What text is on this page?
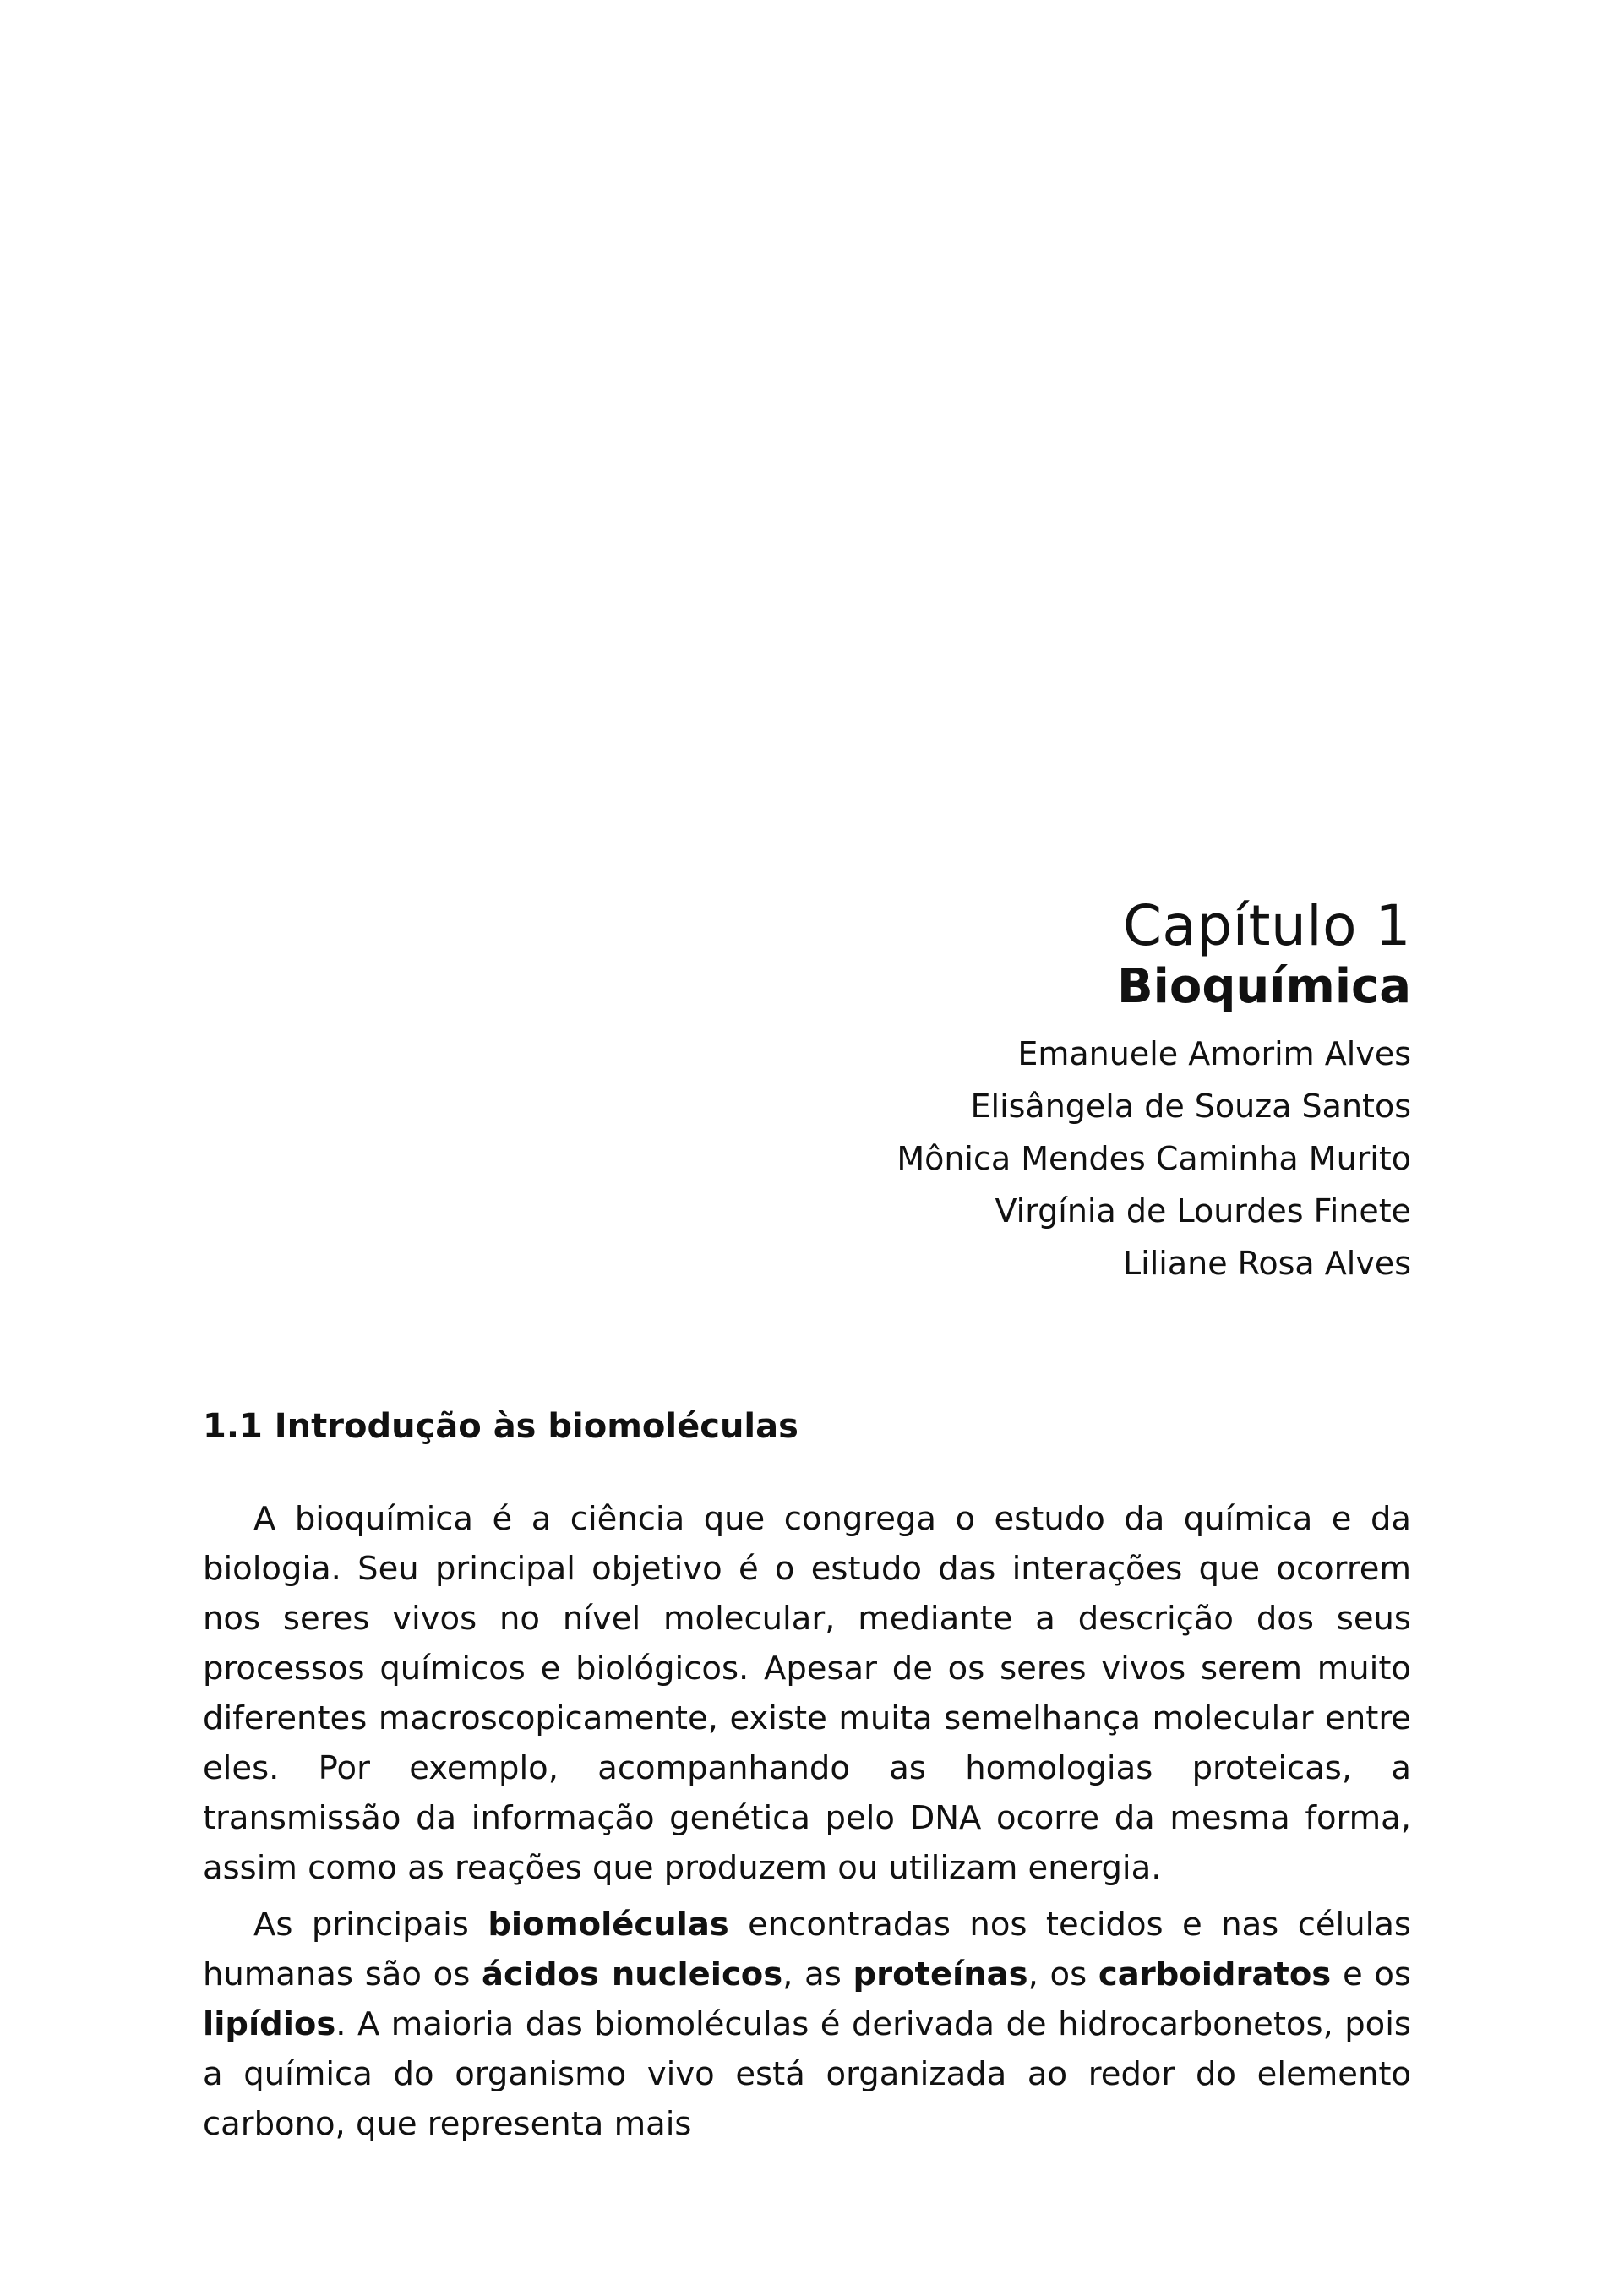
Capítulo 1
Bioquímica
Emanuele Amorim Alves
Elisângela de Souza Santos
Mônica Mendes Caminha Murito
Virgínia de Lourdes Finete
Liliane Rosa Alves
1.1 Introdução às biomoléculas

A bioquímica é a ciência que congrega o estudo da química e da biologia. Seu principal objetivo é o estudo das interações que ocorrem nos seres vivos no nível molecular, mediante a descrição dos seus processos químicos e biológicos. Apesar de os seres vivos serem muito diferentes macroscopicamente, existe muita semelhança molecular entre eles. Por exemplo, acompanhando as homologias proteicas, a transmissão da informação genética pelo DNA ocorre da mesma forma, assim como as reações que produzem ou utilizam energia.

As principais biomoléculas encontradas nos tecidos e nas células humanas são os ácidos nucleicos, as proteínas, os carboidratos e os lipídios. A maioria das biomoléculas é derivada de hidrocarbonetos, pois a química do organismo vivo está organizada ao redor do elemento carbono, que representa mais
